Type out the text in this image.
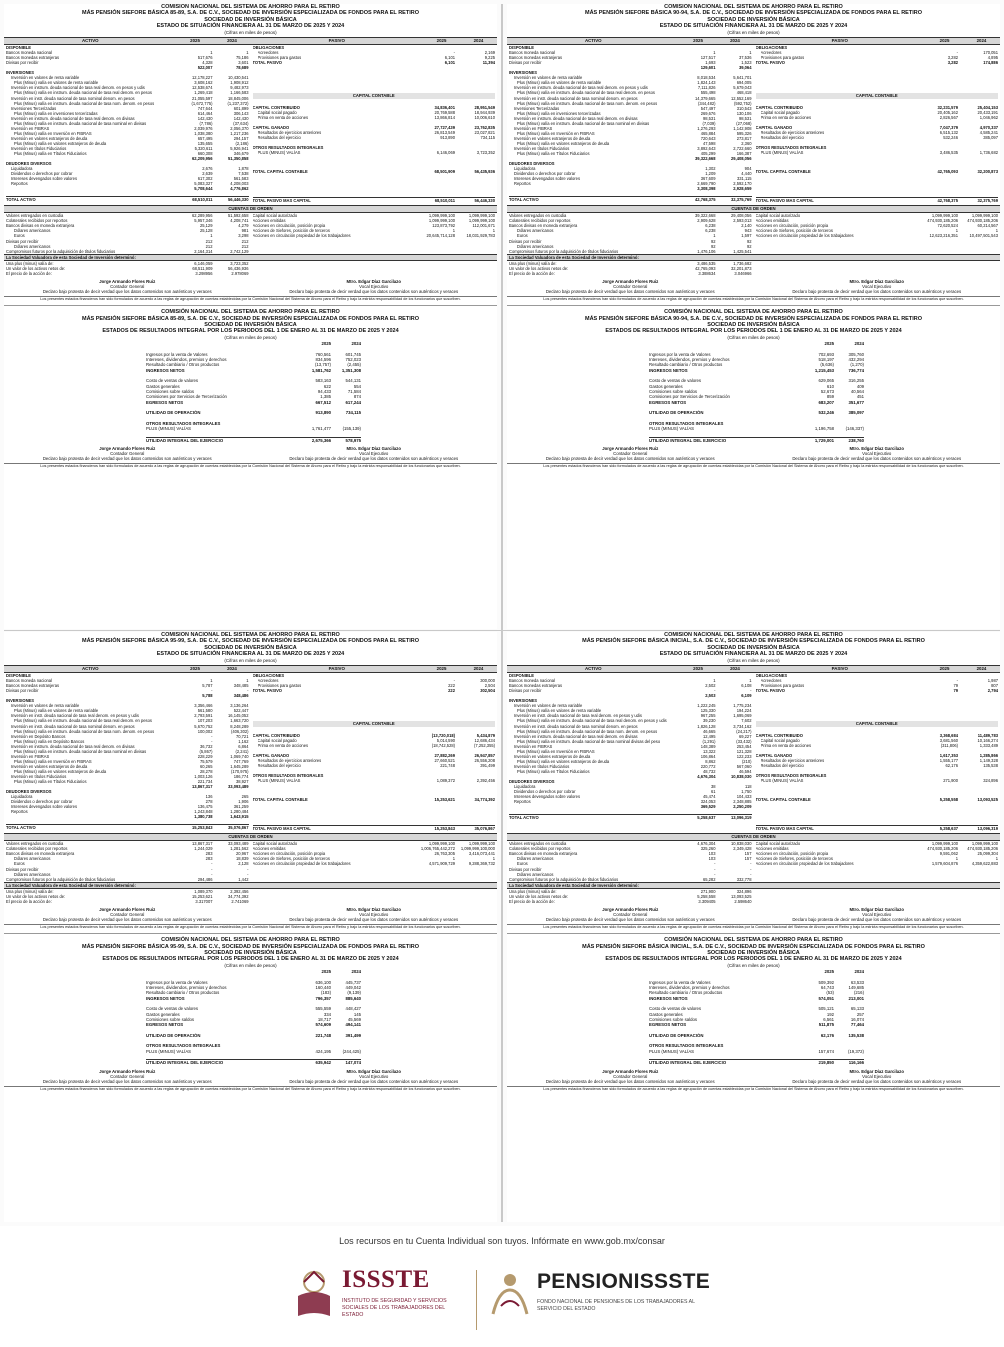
COMISIÓN NACIONAL DEL SISTEMA DE AHORRO PARA EL RETIRO
MÁS PENSIÓN SIEFORE BÁSICA 85-89, S.A. DE C.V., SOCIEDAD DE INVERSIÓN ESPECIALIZADA DE FONDOS PARA EL RETIRO
SOCIEDAD DE INVERSIÓN BÁSICA
ESTADO DE SITUACIÓN FINANCIERA AL 31 DE MARZO DE 2025 Y 2024
(Cifras en miles de pesos)
ACTIVO	2025	2024	PASIVO	2025	2024
DISPONIBLE
Bancos moneda nacional	1	1
Bancos monedas extranjeras	517,676	75,186
Divisas por recibir	4,328	3,601
522,007	78,689
INVERSIONES
Inversión en valores de renta variable	12,178,227	10,430,541
Plus (Minus) valía en valores de renta variable	3,608,162	1,908,912
Inversión en instrum. deuda nacional de tasa real denom. en pesos y udis	12,538,674	9,482,973
Plus (Minus) valía en instrum. deuda nacional de tasa real denom. en pesos	1,269,418	1,166,583
Inversión en instr. deuda nacional de tasa nominal denom. en pesos	21,055,597	18,845,006
Plus (Minus) valía en instrum. deuda nacional de tasa nom. denom. en pesos	(1,672,775)	(1,237,372)
Inversiones Tercerizadas	747,644	601,899
Plus (Minus) valía en inversiones tercerizadas	614,464	306,143
Inversión en instrum. deuda nacional de tasa real denom. en divisas	142,430	142,430
Plus (Minus) valía en instrum. deuda nacional de tasa nominal en divisas	(7,786)	(37,634)
Inversión en FIBRAS	2,039,976	2,056,370
Plus (Minus) valía en Inversión en FIBRAS	1,038,380	1,217,236
Inversión en valores extranjeros de deuda	657,495	294,157
Plus (Minus) valía en valores extranjeros de deuda	135,655	(2,186)
Inversión en títulos Fiduciarios	5,320,611	5,926,941
Plus (Minus) valía en Títulos Fiduciarios	660,308	346,679
62,209,956	51,350,858
DEUDORES DIVERSOS
Liquidadora	2,676	1,878
Dividendos o derechos por cobrar	2,639	7,538
Intereses devengados sobre valores	617,302	561,583
Reportos	5,083,327	4,208,003
5,708,644	4,776,862
TOTAL ACTIVO	68,510,011	56,446,330
OBLIGACIONES
Acreedores	-	2,169
Provisiones para gastos	6,101	9,225
TOTAL PASIVO	6,101	11,394
CAPITAL CONTABLE
CAPITAL CONTRIBUIDO	34,836,401	28,951,549
Capital social pagado	20,769,588	18,944,939
Prima en venta de acciones	13,866,814	10,006,610
CAPITAL GANADO	27,727,439	23,762,835
Resultados de ejercicios anteriores	26,813,549	23,027,821
Resultados del ejercicio	913,890	734,115
OTROS RESULTADOS INTEGRALES
PLUS (MINUS) VALÍAS	6,146,069	3,723,352
TOTAL CAPITAL CONTABLE	68,501,909	56,435,936
TOTAL PASIVO MAS CAPITAL	68,510,011	56,446,330
CUENTAS DE ORDEN
Valores entregados en custodia	62,289,956	51,592,658
Colaterales recibidos por reportos	5,957,346	4,208,741
Bancos divisas en moneda extranjera	25,129	4,279
Dólares americanos	25,128	981
Euros	1	3,298
Divisas por recibir	212	212
Dólares americanos	212	212
Compromisos futuros por la adquisición de títulos fiduciarios	2,164,314	2,742,129
Capital social autorizado	1,099,999,100	1,099,999,100
Acciones emitidas	1,099,999,100	1,099,999,100
Acciones en circulación, posición propia	123,873,792	112,001,671
Acciones de Siefores, posición de terceros	1	1
Acciones en circulación propiedad de los trabajadores	20,645,714,128	18,031,929,783
La Sociedad Valuadora de esta Sociedad de Inversión determinó:
Una plus (minus) valía de:	6,146,059	3,723,352
Un valor de los activos netos de:	68,511,909	56,436,936
El precio de la acción de:	3.298956	2.978069
Jorge Armando Flores Ruiz
Contador General
Declaro bajo protesta de decir verdad que los datos contenidos son auténticos y veraces
Mtro. Edgar Díaz Garcilazo
Vocal Ejecutivo
Declaro bajo protesta de decir verdad que los datos contenidos son auténticos y veraces
Los presentes estados financieros han sido formulados de acuerdo a las reglas de agrupación de cuentas establecidas por la Comisión Nacional del Sistema de Ahorro para el Retiro y bajo la estricta responsabilidad de los funcionarios que suscriben.
COMISIÓN NACIONAL DEL SISTEMA DE AHORRO PARA EL RETIRO
MÁS PENSIÓN SIEFORE BÁSICA 85-89, S.A. DE C.V., SOCIEDAD DE INVERSIÓN ESPECIALIZADA DE FONDOS PARA EL RETIRO
SOCIEDAD DE INVERSIÓN BÁSICA
ESTADOS DE RESULTADOS INTEGRAL POR LOS PERIODOS DEL 1 DE ENERO AL 31 DE MARZO DE 2025 Y 2024
(Cifras en miles de pesos)
2025	2024
Ingresos por la venta de Valores	760,561	601,745
Intereses, dividendos, premios y derechos	834,596	752,023
Resultado cambiario / Otros productos	(13,757)	(2,455)
INGRESOS NETOS	1,581,762	1,351,308
Costo de ventas de valores	583,163	544,131
Gastos generales	622	554
Comisiones sobre saldos	94,433	71,584
Comisiones por Servicios de Tercerización	1,385	874
EGRESOS NETOS	667,512	617,244
UTILIDAD DE OPERACIÓN	913,890	734,115
OTROS RESULTADOS INTEGRALES
PLUS (MINUS) VALÍAS	1,761,477	(155,139)
UTILIDAD INTEGRAL DEL EJERCICIO	2,675,366	578,975
Jorge Armando Flores Ruiz
Contador General
Declaro bajo protesta de decir verdad que los datos contenidos son auténticos y veraces
Mtro. Edgar Díaz Garcilazo
Vocal Ejecutivo
Declaro bajo protesta de decir verdad que los datos contenidos son auténticos y veraces
Los presentes estados financieros han sido formulados de acuerdo a las reglas de agrupación de cuentas establecidas por la Comisión Nacional del Sistema de Ahorro para el Retiro y bajo la estricta responsabilidad de los funcionarios que suscriben.
COMISIÓN NACIONAL DEL SISTEMA DE AHORRO PARA EL RETIRO
MÁS PENSIÓN SIEFORE BÁSICA 90-94, S.A. DE C.V., SOCIEDAD DE INVERSIÓN ESPECIALIZADA DE FONDOS PARA EL RETIRO
SOCIEDAD DE INVERSIÓN BÁSICA
ESTADO DE SITUACIÓN FINANCIERA AL 31 DE MARZO DE 2025 Y 2024
(Cifras en miles de pesos)
ACTIVO	2025	2024	PASIVO	2025	2024
DISPONIBLE
Bancos moneda nacional	1	1
Bancos monedas extranjeras	127,517	37,536
Divisas por recibir	1,693	1,523
129,601	39,064
INVERSIONES
Inversión en valores de renta variable	8,018,534	5,641,701
Plus (Minus) valía en valores de renta variable	1,824,143	694,005
Inversión en instrum. deuda nacional de tasa real denom. en pesos y udis	7,111,826	5,679,043
Plus (Minus) valía en instrum. deuda nacional de tasa real denom. en pesos	555,498	468,418
Inversión en instr. deuda nacional de tasa nominal denom. en pesos	14,379,665	12,552,169
Plus (Minus) valía en instrum. deuda nacional de tasa nom. denom. en pesos	(344,482)	(592,752)
Inversiones Tercerizadas	547,497	310,543
Plus (Minus) valía en inversiones tercerizadas	269,676	130,106
Inversión en instrum. deuda nacional de tasa real denom. en divisas	98,531	98,531
Plus (Minus) valía en instrum. deuda nacional de tasa nominal en divisas	(7,039)	(27,068)
Inversión en FIBRAS	1,276,293	1,142,908
Plus (Minus) valía en Inversión en FIBRAS	465,884	595,326
Inversión en valores extranjeros de deuda	720,643	273,817
Plus (Minus) valía en valores extranjeros de deuda	47,598	2,360
Inversión en títulos Fiduciarios	3,892,643	2,722,660
Plus (Minus) valía en Títulos Fiduciarios	405,299	166,387
39,322,668	29,408,056
DEUDORES DIVERSOS
Liquidadora	1,302	904
Dividendos o derechos por cobrar	1,209	4,440
Intereses devengados sobre valores	367,609	331,115
Reportos	2,669,790	2,592,170
3,308,398	2,928,659
TOTAL ACTIVO	42,768,375	32,375,769
OBLIGACIONES
Acreedores	-	170,051
Provisiones para gastos	3,282	4,895
TOTAL PASIVO	3,282	174,886
CAPITAL CONTABLE
CAPITAL CONTRIBUIDO	32,231,579	25,404,153
Capital social pagado	20,405,162	20,433,191
Prima en venta de acciones	2,826,567	1,046,962
CAPITAL GANADO	7,047,379	4,970,337
Resultados de ejercicios anteriores	6,515,132	4,585,241
Resultados del ejercicio	532,246	385,097
OTROS RESULTADOS INTEGRALES
PLUS (MINUS) VALÍAS	3,486,535	1,736,682
TOTAL CAPITAL CONTABLE	42,765,093	32,200,873
TOTAL PASIVO MAS CAPITAL	42,768,375	32,375,769
CUENTAS DE ORDEN
Valores entregados en custodia	39,322,668	29,408,056
Colaterales recibidos por reportos	2,909,628	2,593,013
Bancos divisas en moneda extranjera	6,238	2,140
Dólares americanos	6,238	943
Euros	1	1,597
Divisas por recibir	92	92
Dólares americanos	92	92
Compromisos futuros por la adquisición de títulos fiduciarios	1,476,106	1,425,541
Capital social autorizado	1,099,999,100	1,099,999,100
Acciones emitidas	474,930,185,206	474,930,185,206
Acciones en circulación, posición propia	72,620,524	60,214,567
Acciones de Siefores, posición de terceros	1	1
Acciones en circulación propiedad de los trabajadores	12,623,216,351	10,497,501,543
La Sociedad Valuadora de esta Sociedad de Inversión determinó:
Una plus (minus) valía de:	3,486,535	1,736,682
Un valor de los activos netos de:	42,765,093	32,201,873
El precio de la acción de:	3.388634	3.046966
Jorge Armando Flores Ruiz
Contador General
Declaro bajo protesta de decir verdad que los datos contenidos son auténticos y veraces
Mtro. Edgar Díaz Garcilazo
Vocal Ejecutivo
Declaro bajo protesta de decir verdad que los datos contenidos son auténticos y veraces
Los presentes estados financieros han sido formulados de acuerdo a las reglas de agrupación de cuentas establecidas por la Comisión Nacional del Sistema de Ahorro para el Retiro y bajo la estricta responsabilidad de los funcionarios que suscriben.
COMISIÓN NACIONAL DEL SISTEMA DE AHORRO PARA EL RETIRO
MÁS PENSIÓN SIEFORE BÁSICA 90-94, S.A. DE C.V., SOCIEDAD DE INVERSIÓN ESPECIALIZADA DE FONDOS PARA EL RETIRO
SOCIEDAD DE INVERSIÓN BÁSICA
ESTADOS DE RESULTADOS INTEGRAL POR LOS PERIODOS DEL 1 DE ENERO AL 31 DE MARZO DE 2025 Y 2024
(Cifras en miles de pesos)
2025	2024
Ingresos por la venta de Valores	702,693	305,760
Intereses, dividendos, premios y derechos	518,197	432,294
Resultado cambiario / Otros productos	(5,636)	(1,270)
INGRESOS NETOS	1,215,453	736,774
Costo de ventas de valores	629,065	316,255
Gastos generales	610	409
Comisiones sobre saldos	52,673	40,564
Comisiones por Servicios de Tercerización	859	451
EGRESOS NETOS	683,207	351,677
UTILIDAD DE OPERACIÓN	532,246	385,097
OTROS RESULTADOS INTEGRALES
PLUS (MINUS) VALÍAS	1,196,758	(146,337)
UTILIDAD INTEGRAL DEL EJERCICIO	1,729,001	238,760
Jorge Armando Flores Ruiz
Contador General
Declaro bajo protesta de decir verdad que los datos contenidos son auténticos y veraces
Mtro. Edgar Díaz Garcilazo
Vocal Ejecutivo
Declaro bajo protesta de decir verdad que los datos contenidos son auténticos y veraces
Los presentes estados financieros han sido formulados de acuerdo a las reglas de agrupación de cuentas establecidas por la Comisión Nacional del Sistema de Ahorro para el Retiro y bajo la estricta responsabilidad de los funcionarios que suscriben.
COMISIÓN NACIONAL DEL SISTEMA DE AHORRO PARA EL RETIRO
MÁS PENSIÓN SIEFORE BÁSICA 95-99, S.A. DE C.V., SOCIEDAD DE INVERSIÓN ESPECIALIZADA DE FONDOS PARA EL RETIRO
SOCIEDAD DE INVERSIÓN BÁSICA
ESTADO DE SITUACIÓN FINANCIERA AL 31 DE MARZO DE 2025 Y 2024
(Cifras en miles de pesos)
ACTIVO	2025	2024	PASIVO	2025	2024
DISPONIBLE
Bancos moneda nacional	1	1
Bancos monedas extranjeras	5,787	348,485
Divisas por recibir	-	-
5,788	348,486
INVERSIONES
Inversión en valores de renta variable	3,356,466	3,136,264
Plus (Minus) valía en valores de renta variable	561,580	522,447
Inversión en instr. deuda nacional de tasa real denom. en pesos y udis	2,793,591	16,145,052
Plus (Minus) valía en instrum. deuda nacional de tasa real denom. en pesos	107,203	1,663,720
Inversión en instr. deuda nacional de tasa nominal denom. en pesos	5,670,752	8,248,289
Plus (Minus) valía en instrum. deuda nacional de tasa nom. denom. en pesos	100,002	(406,302)
Inversión en Depósito Bancos	-	70,721
Plus (Minus) valía en Depósito Bancos	-	1,162
Inversión en instrum. deuda nacional de tasa real denom. en divisas	36,732	6,864
Plus (Minus) valía en instrum. deuda nacional de tasa nominal en divisas	(5,867)	(2,241)
Inversión en FIBRAS	228,229	1,069,740
Plus (Minus) valía en Inversión en FIBRAS	75,579	747,769
Inversión en valores extranjeros de deuda	60,265	1,645,289
Plus (Minus) valía en valores extranjeros de deuda	28,278	(170,975)
Inversión en títulos Fiduciarios	1,003,126	186,774
Plus (Minus) valía en Títulos Fiduciarios	221,734	38,927
13,867,317	33,093,489
DEUDORES DIVERSOS
Liquidadora	136	265
Dividendos o derechos por cobrar	278	1,906
Intereses devengados sobre valores	136,475	361,259
Reportos	1,243,848	1,280,484
1,380,738	1,643,915
TOTAL ACTIVO	15,253,843	35,076,867
OBLIGACIONES
Acreedores	-	300,000
Provisiones para gastos	222	2,504
TOTAL PASIVO	222	302,504
CAPITAL CONTABLE
CAPITAL CONTRIBUIDO	(13,720,018)	5,434,879
Capital social pagado	5,014,590	12,686,434
Prima en venta de acciones	(18,742,528)	(7,252,355)
CAPITAL GANADO	27,882,269	26,947,857
Resultados de ejercicios anteriores	27,660,521	26,556,208
Resultados del ejercicio	221,748	391,499
OTROS RESULTADOS INTEGRALES
PLUS (MINUS) VALÍAS	1,089,372	2,392,456
TOTAL CAPITAL CONTABLE	15,253,621	34,774,392
TOTAL PASIVO MAS CAPITAL	15,253,843	35,076,867
CUENTAS DE ORDEN
Valores entregados en custodia	13,867,317	33,093,489
Colaterales recibidos por reportos	1,244,029	1,281,562
Bancos divisas en moneda extranjera	283	20,967
Dólares americanos	283	18,839
Euros	-	2,128
Divisas por recibir	-	-
Dólares americanos	-	-
Compromisos futuros por la adquisición de títulos fiduciarios	294,486	1,442
Capital social autorizado	1,099,999,100	1,099,999,100
Acciones emitidas	1,006,765,442,272	1,099,999,100,000
Acciones en circulación, posición propia	26,763,305	3,416,073,441
Acciones de Siefores, posición de terceros	1	1
Acciones en circulación propiedad de los trabajadores	4,571,909,729	9,288,369,732
La Sociedad Valuadora de esta Sociedad de Inversión determinó:
Una plus (minus) valía de:	1,089,370	2,392,456
Un valor de los activos netos de:	15,253,621	34,774,392
El precio de la acción de:	3.317007	2.741069
Jorge Armando Flores Ruiz
Contador General
Declaro bajo protesta de decir verdad que los datos contenidos son auténticos y veraces
Mtro. Edgar Díaz Garcilazo
Vocal Ejecutivo
Declaro bajo protesta de decir verdad que los datos contenidos son auténticos y veraces
Los presentes estados financieros han sido formulados de acuerdo a las reglas de agrupación de cuentas establecidas por la Comisión Nacional del Sistema de Ahorro para el Retiro y bajo la estricta responsabilidad de los funcionarios que suscriben.
COMISIÓN NACIONAL DEL SISTEMA DE AHORRO PARA EL RETIRO
MÁS PENSIÓN SIEFORE BÁSICA 95-99, S.A. DE C.V., SOCIEDAD DE INVERSIÓN ESPECIALIZADA DE FONDOS PARA EL RETIRO
SOCIEDAD DE INVERSIÓN BÁSICA
ESTADOS DE RESULTADOS INTEGRAL POR LOS PERIODOS DEL 1 DE ENERO AL 31 DE MARZO DE 2025 Y 2024
(Cifras en miles de pesos)
2025	2024
Ingresos por la venta de Valores	636,100	445,737
Intereses, dividendos, premios y derechos	160,440	449,042
Resultado cambiario / Otros productos	(183)	(9,139)
INGRESOS NETOS	796,357	885,640
Costo de ventas de valores	555,559	448,427
Gastos generales	334	145
Comisiones sobre saldos	18,717	45,569
EGRESOS NETOS	574,609	494,141
UTILIDAD DE OPERACIÓN	221,748	391,499
OTROS RESULTADOS INTEGRALES
PLUS (MINUS) VALÍAS	424,195	(244,425)
UTILIDAD INTEGRAL DEL EJERCICIO	635,942	147,074
Jorge Armando Flores Ruiz
Contador General
Declaro bajo protesta de decir verdad que los datos contenidos son auténticos y veraces
Mtro. Edgar Díaz Garcilazo
Vocal Ejecutivo
Declaro bajo protesta de decir verdad que los datos contenidos son auténticos y veraces
Los presentes estados financieros han sido formulados de acuerdo a las reglas de agrupación de cuentas establecidas por la Comisión Nacional del Sistema de Ahorro para el Retiro y bajo la estricta responsabilidad de los funcionarios que suscriben.
COMISIÓN NACIONAL DEL SISTEMA DE AHORRO PARA EL RETIRO
MÁS PENSIÓN SIEFORE BÁSICA INICIAL, S.A. DE C.V., SOCIEDAD DE INVERSIÓN ESPECIALIZADA DE FONDOS PARA EL RETIRO
SOCIEDAD DE INVERSIÓN BÁSICA
ESTADO DE SITUACIÓN FINANCIERA AL 31 DE MARZO DE 2025 Y 2024
(Cifras en miles de pesos)
ACTIVO	2025	2024	PASIVO	2025	2024
DISPONIBLE
Bancos moneda nacional	1	1
Bancos monedas extranjeras	2,502	6,108
Divisas por recibir	-	-
2,503	6,109
INVERSIONES
Inversión en valores de renta variable	1,222,245	1,775,234
Plus (Minus) valía en valores de renta variable	125,330	194,224
Inversión en instr. deuda nacional de tasa real denom. en pesos y udis	967,255	1,695,069
Plus (Minus) valía en instrum. deuda nacional de tasa real denom. en pesos y udis	39,230	7,602
Inversión en instr. deuda nacional de tasa nominal denom. en pesos	1,826,128	3,734,162
Plus (Minus) valía en instrum. deuda nacional de tasa nom. denom. en pesos	46,665	(24,217)
Inversión en instrum. deuda nacional de tasa real denom. en divisas	12,495	69,227
Plus (Minus) valía en instrum. deuda nacional de tasa nominal divisas del peso	(1,291)	(33,432)
Inversión en FIBRAS	148,389	253,454
Plus (Minus) valía en Inversión en FIBRAS	13,322	121,328
Inversión en valores extranjeros de deuda	106,864	122,233
Plus (Minus) valía en valores extranjeros de deuda	8,862	(210)
Inversión en títulos Fiduciarios	220,772	567,060
Plus (Minus) valía en Títulos Fiduciarios	48,732	46,594
4,676,304	10,838,030
DEUDORES DIVERSOS
Liquidadora	38	118
Dividendos o derechos por cobrar	61	1,750
Intereses devengados sobre valores	45,474	104,433
Reportos	324,053	2,348,885
369,529	2,250,209
TOTAL ACTIVO	5,258,637	13,096,319
OBLIGACIONES
Acreedores	-	1,987
Provisiones para gastos	79	807
TOTAL PASIVO	79	2,794
CAPITAL CONTABLE
CAPITAL CONTRIBUIDO	3,368,684	11,489,783
Capital social pagado	3,681,560	10,166,274
Prima en venta de acciones	(311,806)	1,333,489
CAPITAL GANADO	1,617,353	1,285,866
Resultados de ejercicios anteriores	1,555,177	1,149,328
Resultados del ejercicio	62,176	135,538
OTROS RESULTADOS INTEGRALES
PLUS (MINUS) VALÍAS	271,900	324,896
TOTAL CAPITAL CONTABLE	5,258,558	13,093,525
TOTAL PASIVO MAS CAPITAL	5,258,637	13,096,319
CUENTAS DE ORDEN
Valores entregados en custodia	4,676,304	10,838,030
Colaterales recibidos por reportos	325,260	2,349,428
Bancos divisas en moneda extranjera	103	157
Dólares americanos	103	157
Euros	-	-
Divisas por recibir	-	-
Dólares americanos	-	-
Compromisos futuros por la adquisición de títulos fiduciarios	65,282	332,778
Capital social autorizado	1,099,999,100	1,099,999,100
Acciones emitidas	474,930,185,206	474,930,185,206
Acciones en circulación, posición propia	9,591,062	25,099,304
Acciones de Siefores, posición de terceros	1	1
Acciones en circulación propiedad de los trabajadores	1,579,604,876	4,359,622,883
La Sociedad Valuadora de esta Sociedad de Inversión determinó:
Una plus (minus) valía de:	271,900	324,896
Un valor de los activos netos de:	5,258,558	13,093,525
El precio de la acción de:	3.309405	2.598640
Jorge Armando Flores Ruiz
Contador General
Declaro bajo protesta de decir verdad que los datos contenidos son auténticos y veraces
Mtro. Edgar Díaz Garcilazo
Vocal Ejecutivo
Declaro bajo protesta de decir verdad que los datos contenidos son auténticos y veraces
Los presentes estados financieros han sido formulados de acuerdo a las reglas de agrupación de cuentas establecidas por la Comisión Nacional del Sistema de Ahorro para el Retiro y bajo la estricta responsabilidad de los funcionarios que suscriben.
COMISIÓN NACIONAL DEL SISTEMA DE AHORRO PARA EL RETIRO
MÁS PENSIÓN SIEFORE BÁSICA INICIAL, S.A. DE C.V., SOCIEDAD DE INVERSIÓN ESPECIALIZADA DE FONDOS PARA EL RETIRO
SOCIEDAD DE INVERSIÓN BÁSICA
ESTADOS DE RESULTADOS INTEGRAL POR LOS PERIODOS DEL 1 DE ENERO AL 31 DE MARZO DE 2025 Y 2024
(Cifras en miles de pesos)
2025	2024
Ingresos por la venta de Valores	509,392	63,533
Intereses, dividendos, premios y derechos	64,743	149,685
Resultado cambiario / Otros productos	(53)	(216)
INGRESOS NETOS	574,051	213,001
Costo de ventas de valores	505,121	65,133
Gastos generales	192	257
Comisiones sobre saldos	6,561	16,074
EGRESOS NETOS	511,875	77,464
UTILIDAD DE OPERACIÓN	62,176	135,538
OTROS RESULTADOS INTEGRALES
PLUS (MINUS) VALÍAS	157,674	(19,372)
UTILIDAD INTEGRAL DEL EJERCICIO	219,850	116,166
Jorge Armando Flores Ruiz
Contador General
Declaro bajo protesta de decir verdad que los datos contenidos son auténticos y veraces
Mtro. Edgar Díaz Garcilazo
Vocal Ejecutivo
Declaro bajo protesta de decir verdad que los datos contenidos son auténticos y veraces
Los presentes estados financieros han sido formulados de acuerdo a las reglas de agrupación de cuentas establecidas por la Comisión Nacional del Sistema de Ahorro para el Retiro y bajo la estricta responsabilidad de los funcionarios que suscriben.
Los recursos en tu Cuenta Individual son tuyos. Infórmate en www.gob.mx/consar
ISSSTE
INSTITUTO DE SEGURIDAD Y SERVICIOS SOCIALES DE LOS TRABAJADORES DEL ESTADO
PENSIONISSSTE
FONDO NACIONAL DE PENSIONES DE LOS TRABAJADORES AL SERVICIO DEL ESTADO
